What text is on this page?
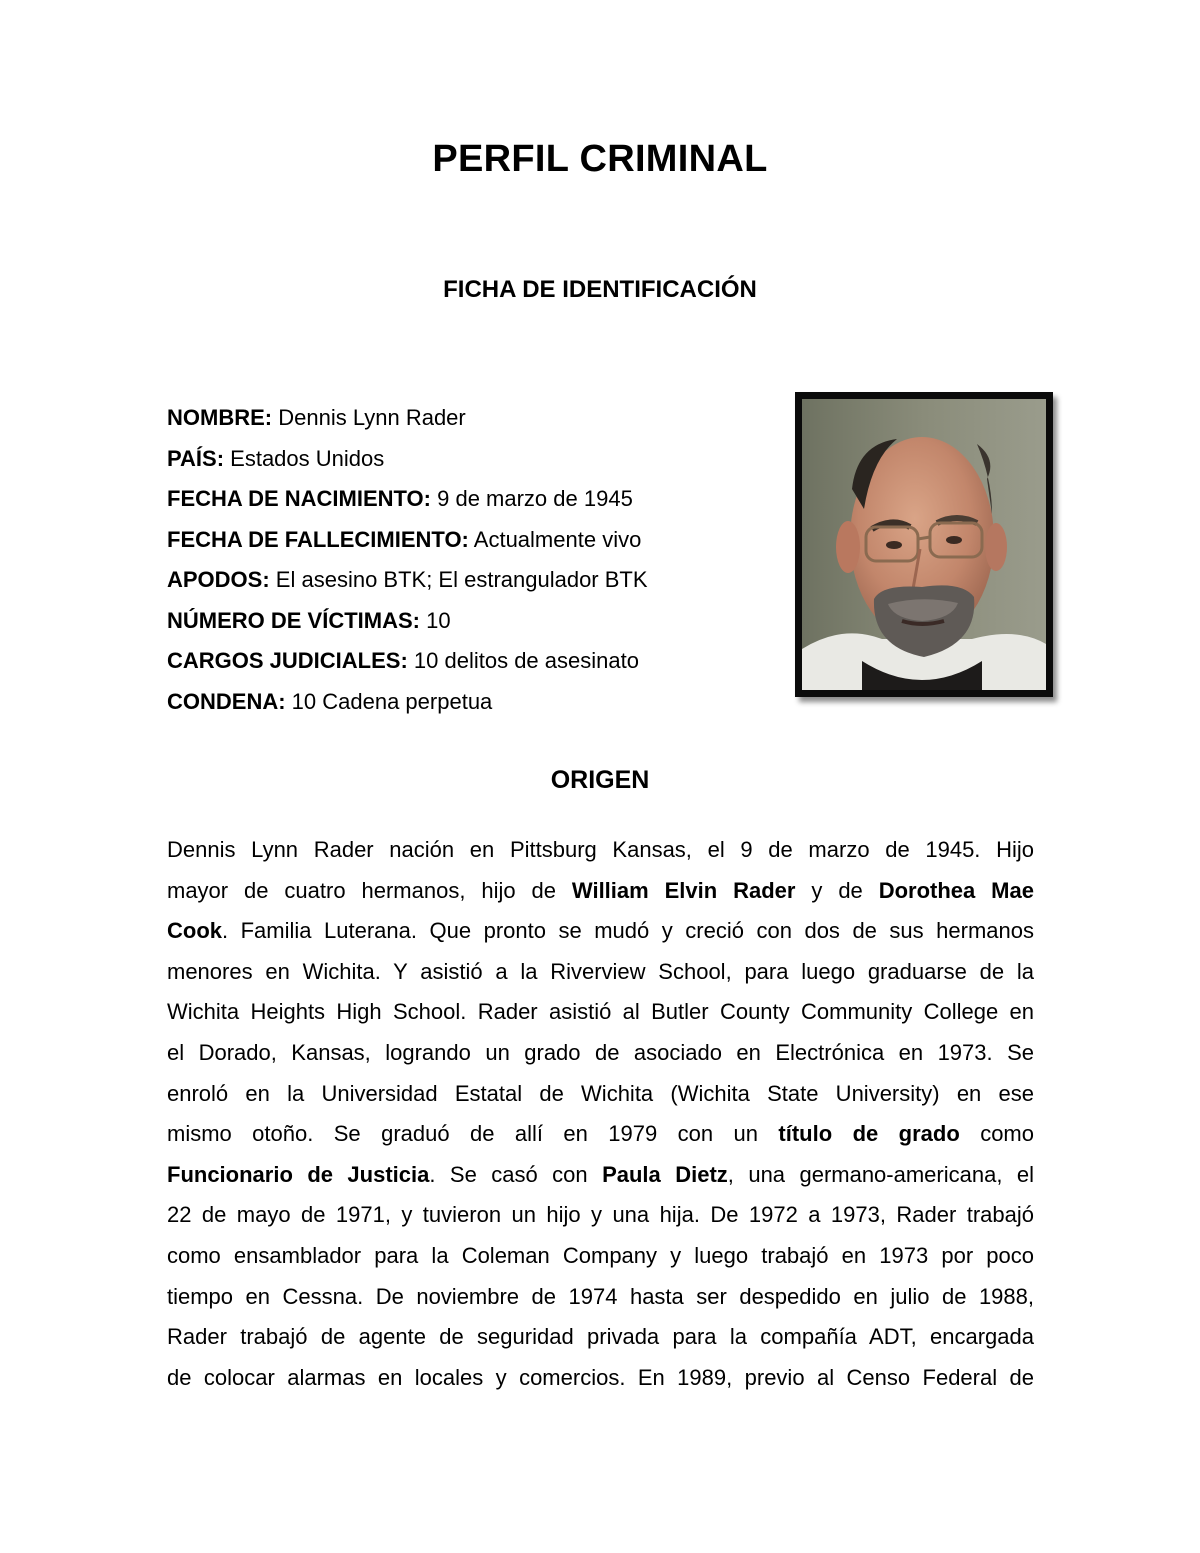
PERFIL CRIMINAL
FICHA DE IDENTIFICACIÓN
NOMBRE: Dennis Lynn Rader
PAÍS: Estados Unidos
FECHA DE NACIMIENTO: 9 de marzo de 1945
FECHA DE FALLECIMIENTO: Actualmente vivo
APODOS: El asesino BTK; El estrangulador BTK
NÚMERO DE VÍCTIMAS: 10
CARGOS JUDICIALES: 10 delitos de asesinato
CONDENA: 10 Cadena perpetua
ORIGEN
Dennis Lynn Rader nación en Pittsburg Kansas, el 9 de marzo de 1945. Hijo
mayor de cuatro hermanos, hijo de William Elvin Rader y de Dorothea Mae
Cook. Familia Luterana. Que pronto se mudó y creció con dos de sus hermanos
menores en Wichita. Y asistió a la Riverview School, para luego graduarse de la
Wichita Heights High School. Rader asistió al Butler County Community College en
el Dorado, Kansas, logrando un grado de asociado en Electrónica en 1973. Se
enroló en la Universidad Estatal de Wichita (Wichita State University) en ese
mismo otoño. Se graduó de allí en 1979 con un título de grado como
Funcionario de Justicia. Se casó con Paula Dietz, una germano-americana, el
22 de mayo de 1971, y tuvieron un hijo y una hija. De 1972 a 1973, Rader trabajó
como ensamblador para la Coleman Company y luego trabajó en 1973 por poco
tiempo en Cessna. De noviembre de 1974 hasta ser despedido en julio de 1988,
Rader trabajó de agente de seguridad privada para la compañía ADT, encargada
de colocar alarmas en locales y comercios. En 1989, previo al Censo Federal de
